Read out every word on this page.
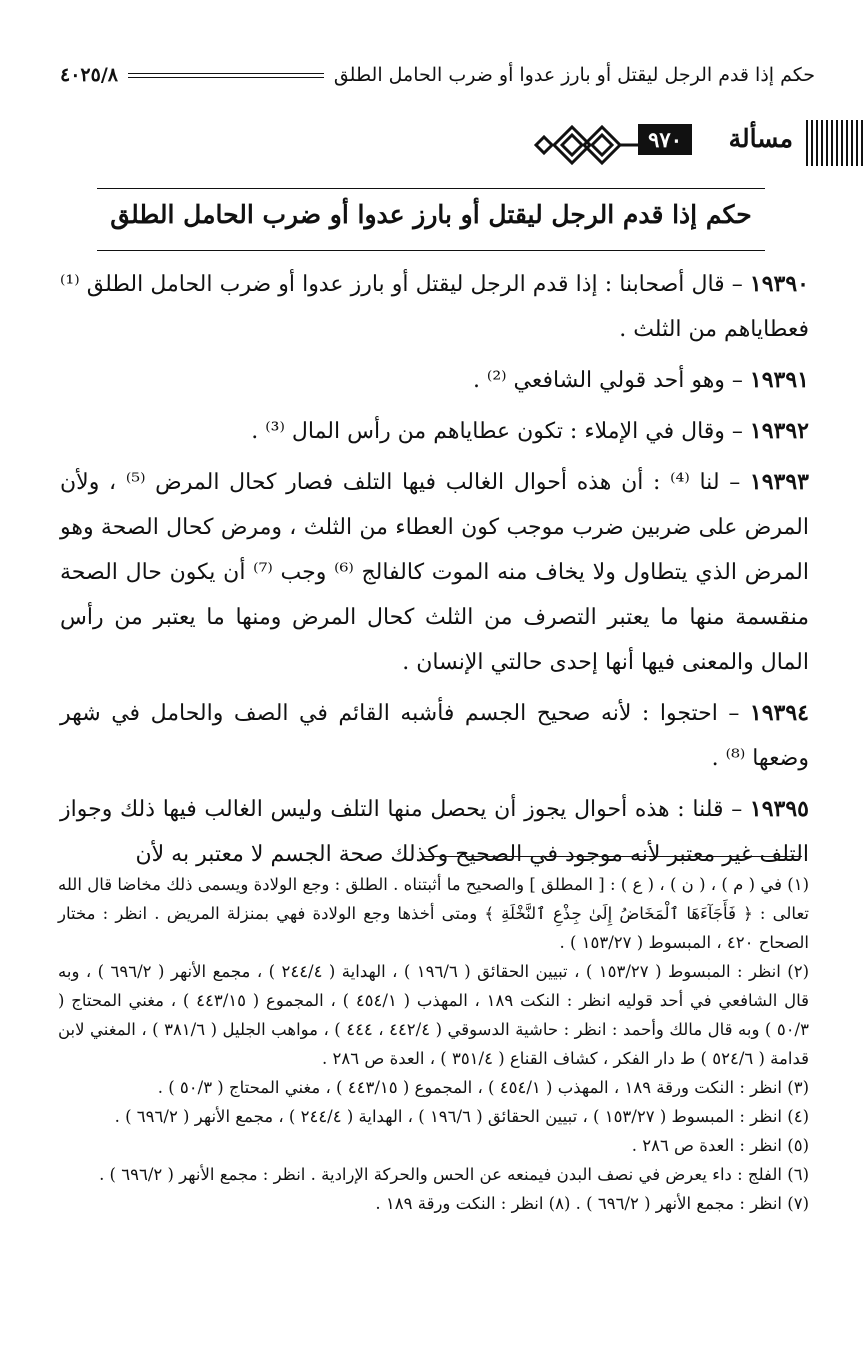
حكم إذا قدم الرجل ليقتل أو بارز عدوا أو ضرب الحامل الطلق
٤٠٢٥/٨
مسألة
٩٧٠
حكم إذا قدم الرجل ليقتل أو بارز عدوا أو ضرب الحامل الطلق

١٩٣٩٠ – قال أصحابنا : إذا قدم الرجل ليقتل أو بارز عدوا أو ضرب الحامل الطلق ⁽¹⁾ فعطاياهم من الثلث .

١٩٣٩١ – وهو أحد قولي الشافعي ⁽²⁾ .

١٩٣٩٢ – وقال في الإملاء : تكون عطاياهم من رأس المال ⁽³⁾ .

١٩٣٩٣ – لنا ⁽⁴⁾ : أن هذه أحوال الغالب فيها التلف فصار كحال المرض ⁽⁵⁾ ، ولأن المرض على ضربين ضرب موجب كون العطاء من الثلث ، ومرض كحال الصحة وهو المرض الذي يتطاول ولا يخاف منه الموت كالفالج ⁽⁶⁾ وجب ⁽⁷⁾ أن يكون حال الصحة منقسمة منها ما يعتبر التصرف من الثلث كحال المرض ومنها ما يعتبر من رأس المال والمعنى فيها أنها إحدى حالتي الإنسان .

١٩٣٩٤ – احتجوا : لأنه صحيح الجسم فأشبه القائم في الصف والحامل في شهر وضعها ⁽⁸⁾ .

١٩٣٩٥ – قلنا : هذه أحوال يجوز أن يحصل منها التلف وليس الغالب فيها ذلك وجواز التلف غير معتبر لأنه موجود في الصحيح وكذلك صحة الجسم لا معتبر به لأن

(١) في ( م ) ، ( ن ) ، ( ع ) : [ المطلق ] والصحيح ما أثبتناه . الطلق : وجع الولادة ويسمى ذلك مخاضا قال الله تعالى : ﴿ فَأَجَآءَهَا ٱلْمَخَاضُ إِلَىٰ جِذْعِ ٱلنَّخْلَةِ ﴾ ومتى أخذها وجع الولادة فهي بمنزلة المريض . انظر : مختار الصحاح ٤٢٠ ، المبسوط ( ١٥٣/٢٧ ) .

(٢) انظر : المبسوط ( ١٥٣/٢٧ ) ، تبيين الحقائق ( ١٩٦/٦ ) ، الهداية ( ٢٤٤/٤ ) ، مجمع الأنهر ( ٦٩٦/٢ ) ، وبه قال الشافعي في أحد قوليه انظر : النكت ١٨٩ ، المهذب ( ٤٥٤/١ ) ، المجموع ( ٤٤٣/١٥ ) ، مغني المحتاج ( ٥٠/٣ ) وبه قال مالك وأحمد : انظر : حاشية الدسوقي ( ٤٤٢/٤ ، ٤٤٤ ) ، مواهب الجليل ( ٣٨١/٦ ) ، المغني لابن قدامة ( ٥٢٤/٦ ) ط دار الفكر ، كشاف القناع ( ٣٥١/٤ ) ، العدة ص ٢٨٦ .

(٣) انظر : النكت ورقة ١٨٩ ، المهذب ( ٤٥٤/١ ) ، المجموع ( ٤٤٣/١٥ ) ، مغني المحتاج ( ٥٠/٣ ) .

(٤) انظر : المبسوط ( ١٥٣/٢٧ ) ، تبيين الحقائق ( ١٩٦/٦ ) ، الهداية ( ٢٤٤/٤ ) ، مجمع الأنهر ( ٦٩٦/٢ ) .

(٥) انظر : العدة ص ٢٨٦ .

(٦) الفلج : داء يعرض في نصف البدن فيمنعه عن الحس والحركة الإرادية . انظر : مجمع الأنهر ( ٦٩٦/٢ ) .

(٧) انظر : مجمع الأنهر ( ٦٩٦/٢ ) . (٨) انظر : النكت ورقة ١٨٩ .
